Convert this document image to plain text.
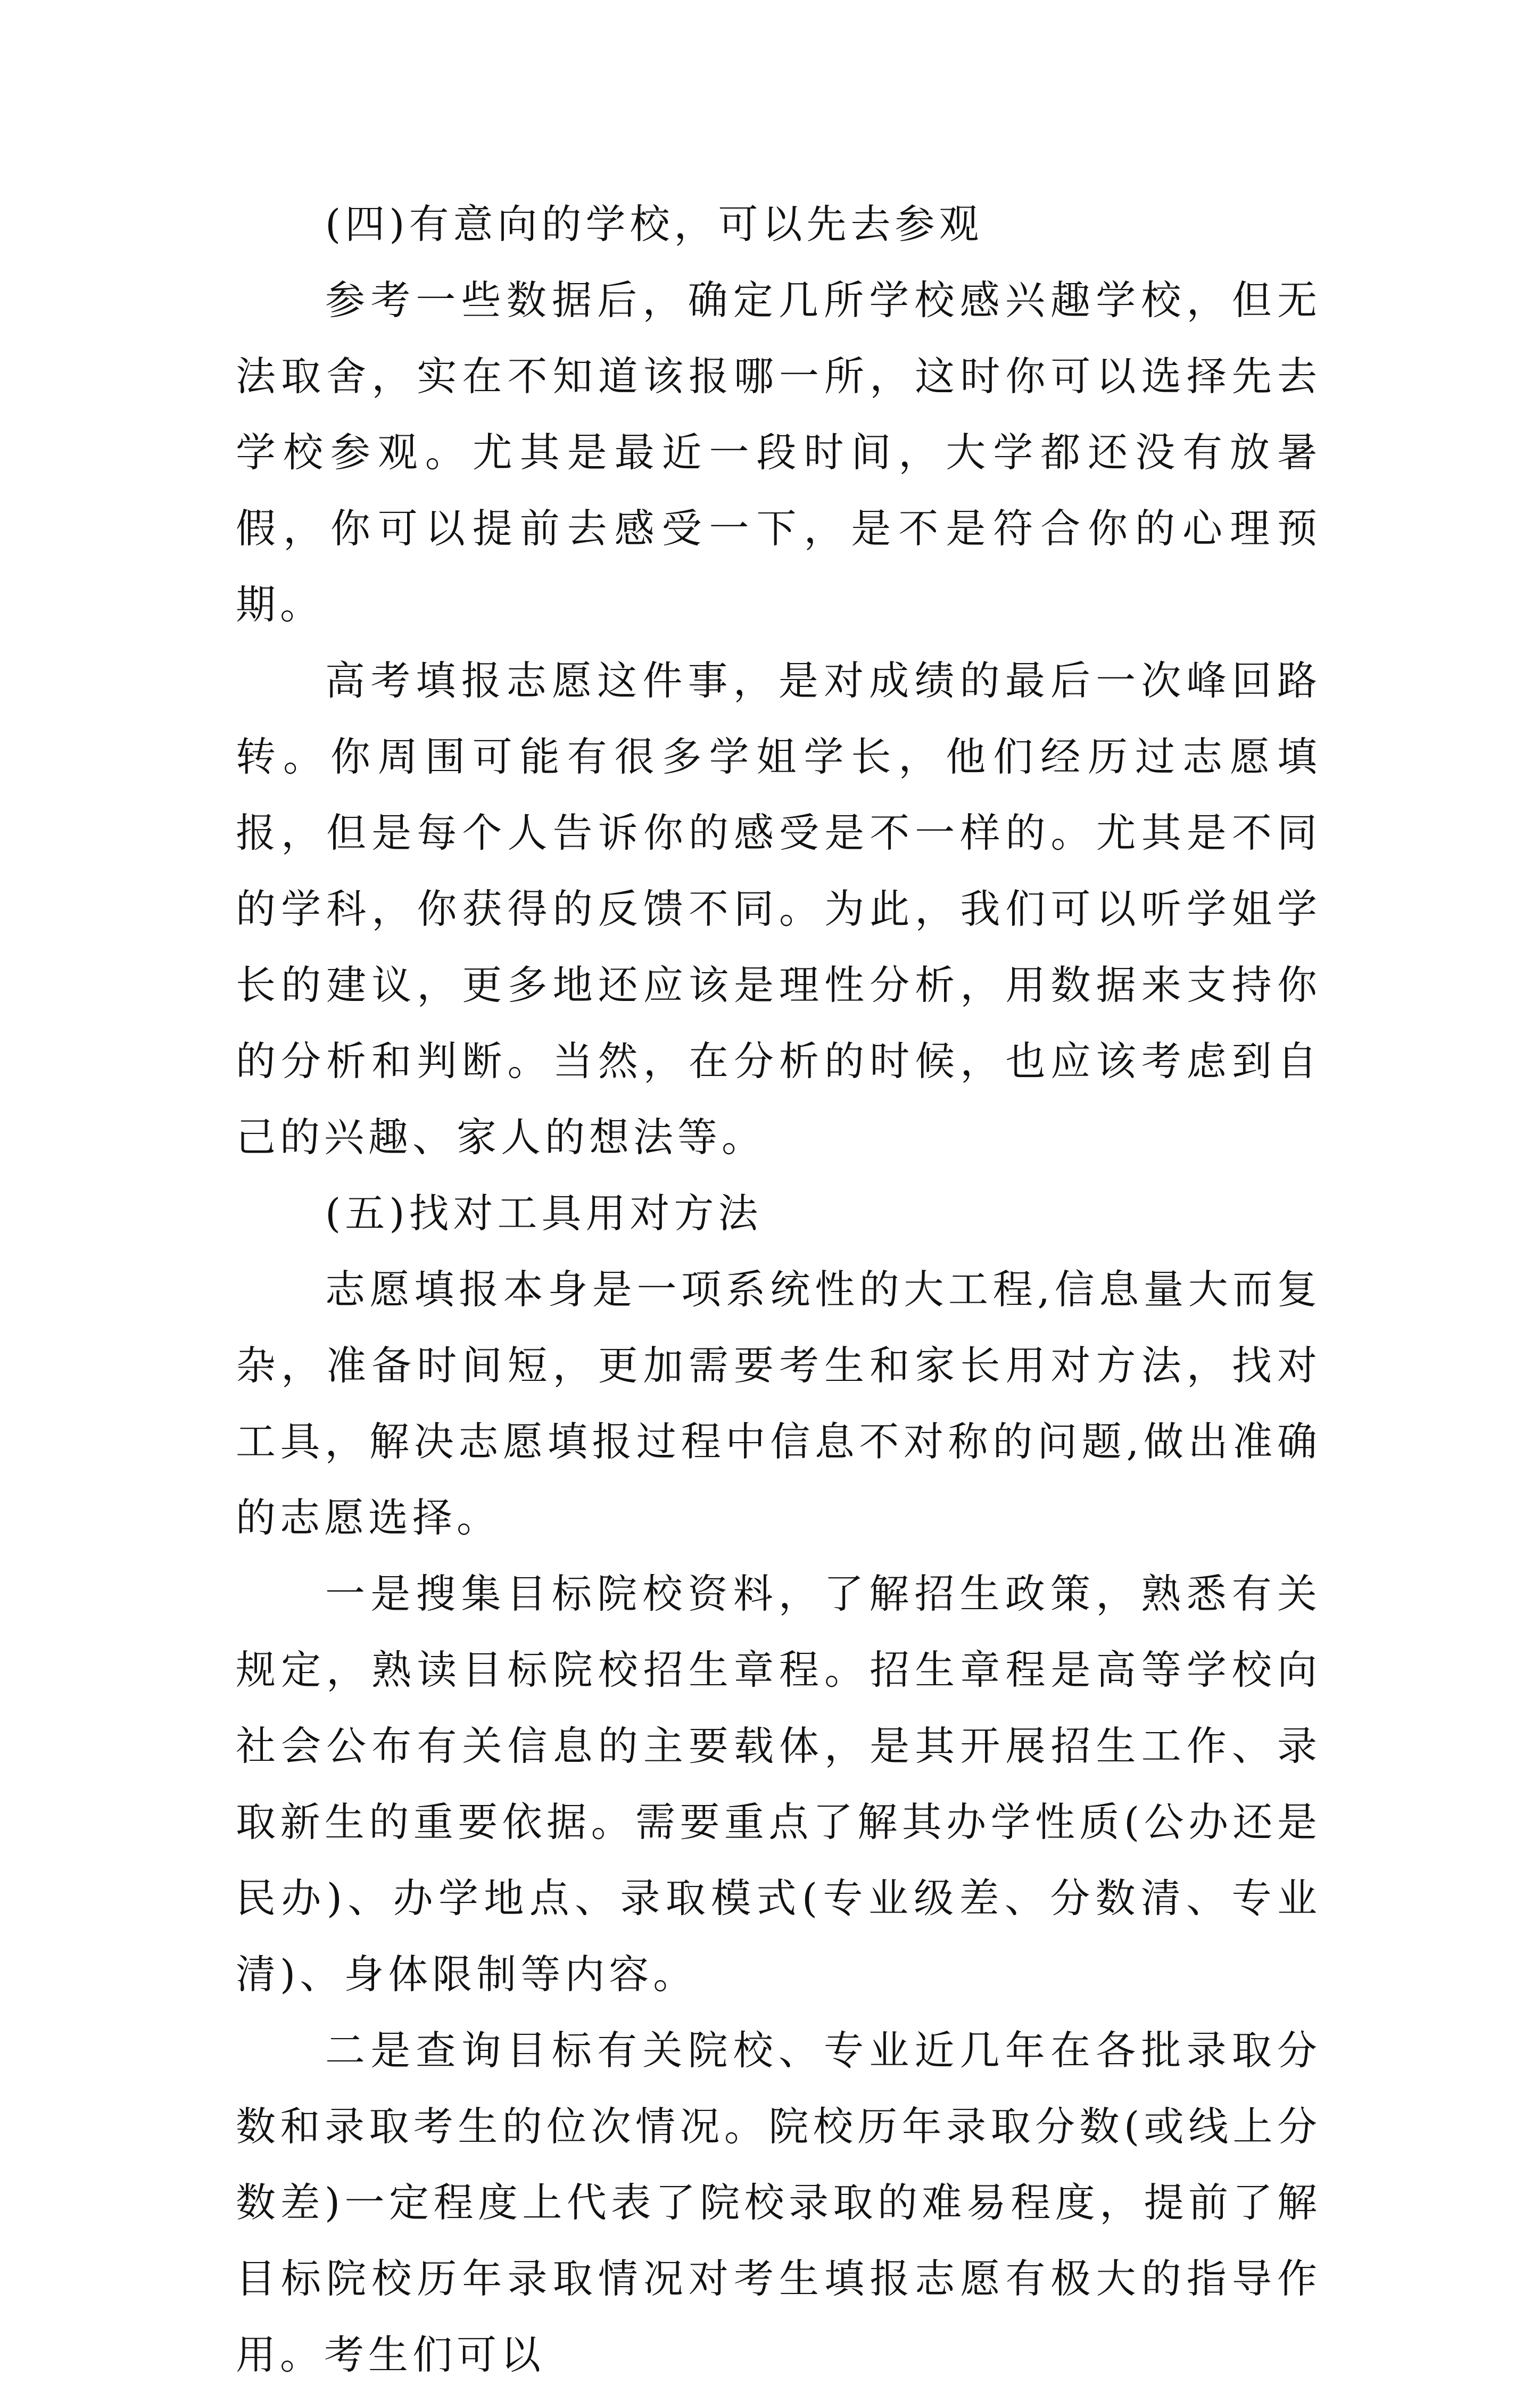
(四)有意向的学校，可以先去参观

参考一些数据后，确定几所学校感兴趣学校，但无法取舍，实在不知道该报哪一所，这时你可以选择先去学校参观。尤其是最近一段时间，大学都还没有放暑假，你可以提前去感受一下，是不是符合你的心理预期。

高考填报志愿这件事，是对成绩的最后一次峰回路转。你周围可能有很多学姐学长，他们经历过志愿填报，但是每个人告诉你的感受是不一样的。尤其是不同的学科，你获得的反馈不同。为此，我们可以听学姐学长的建议，更多地还应该是理性分析，用数据来支持你的分析和判断。当然，在分析的时候，也应该考虑到自己的兴趣、家人的想法等。

(五)找对工具用对方法

志愿填报本身是一项系统性的大工程,信息量大而复杂，准备时间短，更加需要考生和家长用对方法，找对工具，解决志愿填报过程中信息不对称的问题,做出准确的志愿选择。

一是搜集目标院校资料，了解招生政策，熟悉有关规定，熟读目标院校招生章程。招生章程是高等学校向社会公布有关信息的主要载体，是其开展招生工作、录取新生的重要依据。需要重点了解其办学性质(公办还是民办)、办学地点、录取模式(专业级差、分数清、专业清)、身体限制等内容。

二是查询目标有关院校、专业近几年在各批录取分数和录取考生的位次情况。院校历年录取分数(或线上分数差)一定程度上代表了院校录取的难易程度，提前了解目标院校历年录取情况对考生填报志愿有极大的指导作用。考生们可以
